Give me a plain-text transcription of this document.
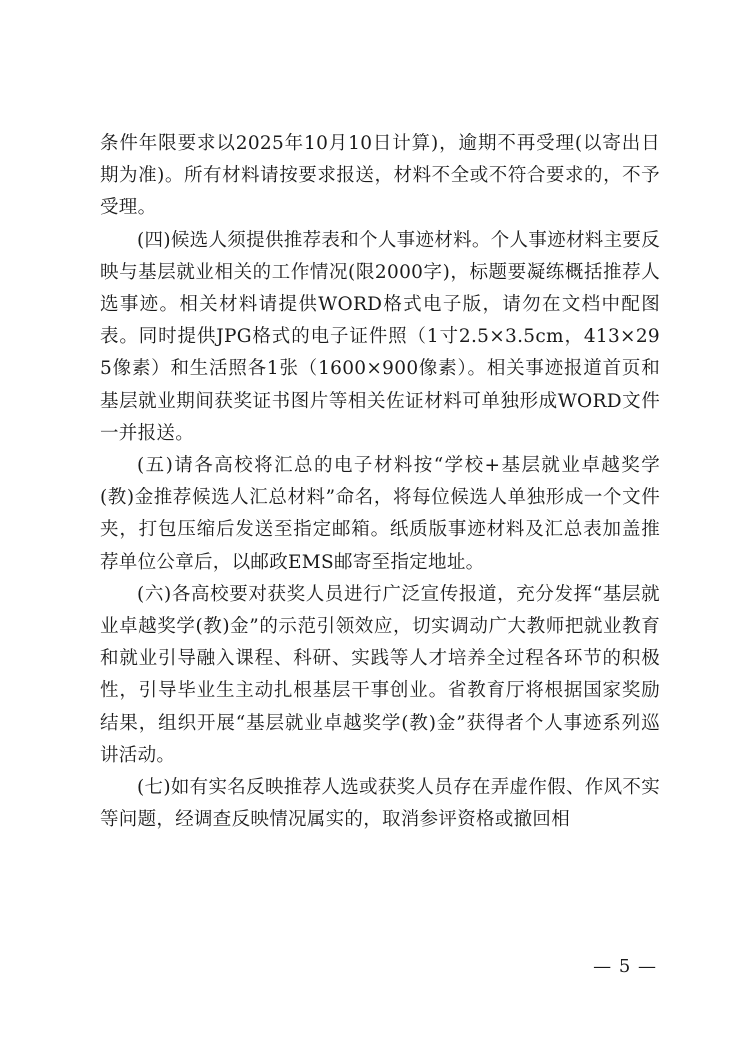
条件年限要求以2025年10月10日计算)，逾期不再受理(以寄出日期为准)。所有材料请按要求报送，材料不全或不符合要求的，不予受理。

(四)候选人须提供推荐表和个人事迹材料。个人事迹材料主要反映与基层就业相关的工作情况(限2000字)，标题要凝练概括推荐人选事迹。相关材料请提供WORD格式电子版，请勿在文档中配图表。同时提供JPG格式的电子证件照（1寸2.5×3.5cm，413×295像素）和生活照各1张（1600×900像素）。相关事迹报道首页和基层就业期间获奖证书图片等相关佐证材料可单独形成WORD文件一并报送。

(五)请各高校将汇总的电子材料按“学校+基层就业卓越奖学(教)金推荐候选人汇总材料”命名，将每位候选人单独形成一个文件夹，打包压缩后发送至指定邮箱。纸质版事迹材料及汇总表加盖推荐单位公章后，以邮政EMS邮寄至指定地址。

(六)各高校要对获奖人员进行广泛宣传报道，充分发挥“基层就业卓越奖学(教)金”的示范引领效应，切实调动广大教师把就业教育和就业引导融入课程、科研、实践等人才培养全过程各环节的积极性，引导毕业生主动扎根基层干事创业。省教育厅将根据国家奖励结果，组织开展“基层就业卓越奖学(教)金”获得者个人事迹系列巡讲活动。

(七)如有实名反映推荐人选或获奖人员存在弄虚作假、作风不实等问题，经调查反映情况属实的，取消参评资格或撤回相

— 5 —
